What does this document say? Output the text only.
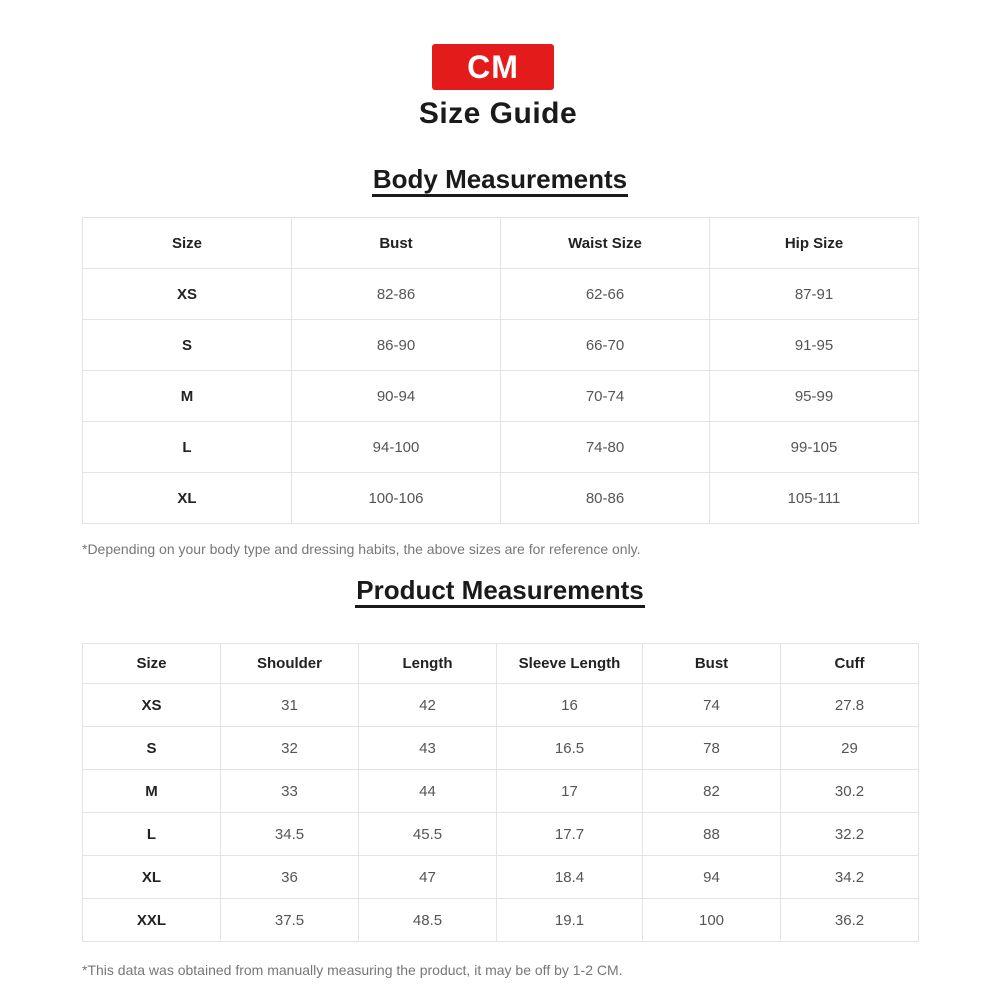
CM
Size Guide
Body Measurements
Size	Bust	Waist Size	Hip Size
XS	82-86	62-66	87-91
S	86-90	66-70	91-95
M	90-94	70-74	95-99
L	94-100	74-80	99-105
XL	100-106	80-86	105-111
*Depending on your body type and dressing habits, the above sizes are for reference only.
Product Measurements
Size	Shoulder	Length	Sleeve Length	Bust	Cuff
XS	31	42	16	74	27.8
S	32	43	16.5	78	29
M	33	44	17	82	30.2
L	34.5	45.5	17.7	88	32.2
XL	36	47	18.4	94	34.2
XXL	37.5	48.5	19.1	100	36.2
*This data was obtained from manually measuring the product, it may be off by 1-2 CM.
